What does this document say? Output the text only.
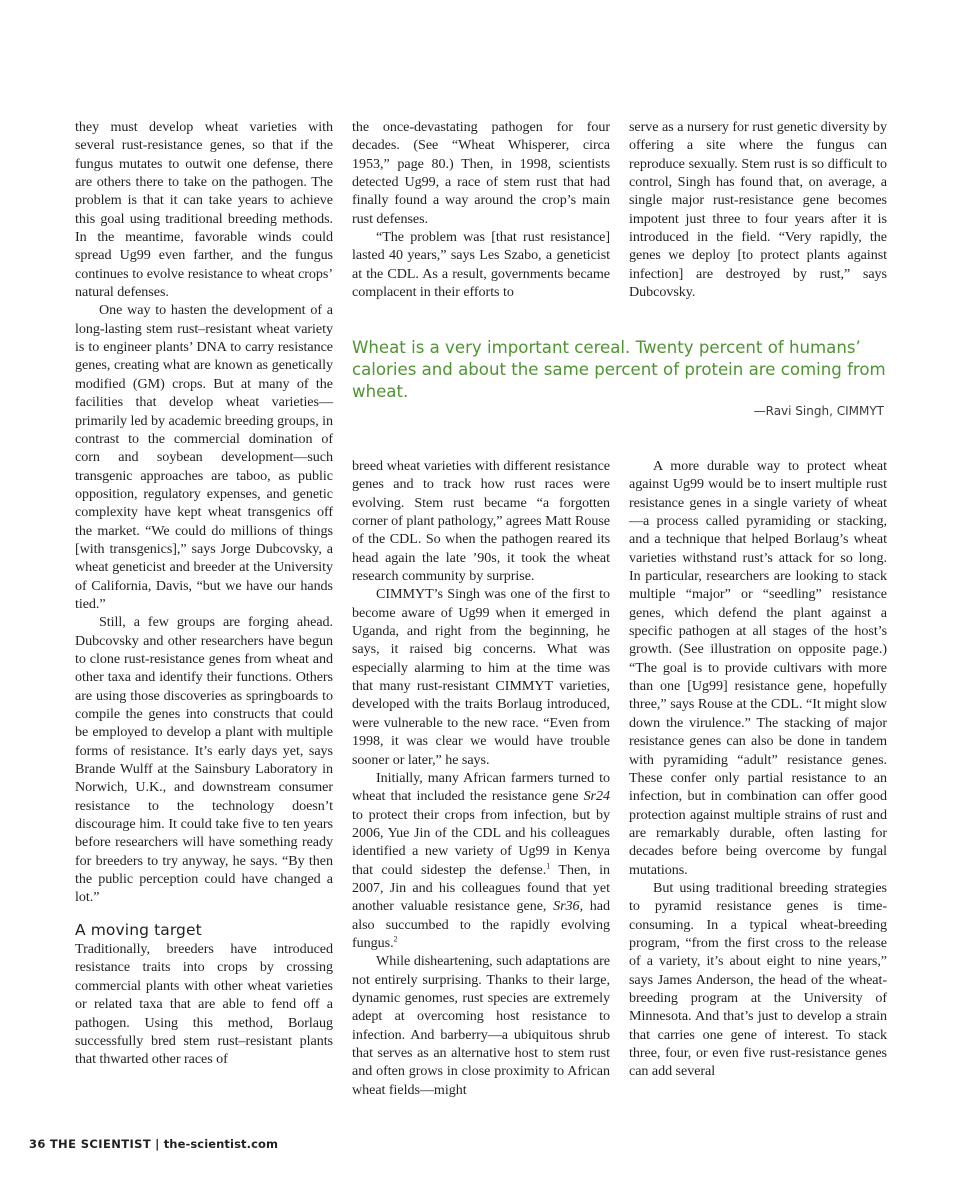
they must develop wheat varieties with several rust-resistance genes, so that if the fungus mutates to outwit one defense, there are others there to take on the pathogen. The problem is that it can take years to achieve this goal using traditional breeding methods. In the meantime, favorable winds could spread Ug99 even farther, and the fungus continues to evolve resistance to wheat crops’ natural defenses.

One way to hasten the development of a long-lasting stem rust–resistant wheat variety is to engineer plants’ DNA to carry resistance genes, creating what are known as genetically modified (GM) crops. But at many of the facilities that develop wheat varieties—primarily led by academic breeding groups, in contrast to the commercial domination of corn and soybean development—such transgenic approaches are taboo, as public opposition, regulatory expenses, and genetic complexity have kept wheat transgenics off the market. “We could do millions of things [with transgenics],” says Jorge Dubcovsky, a wheat geneticist and breeder at the University of California, Davis, “but we have our hands tied.”

Still, a few groups are forging ahead. Dubcovsky and other researchers have begun to clone rust-resistance genes from wheat and other taxa and identify their functions. Others are using those discoveries as springboards to compile the genes into constructs that could be employed to develop a plant with multiple forms of resistance. It’s early days yet, says Brande Wulff at the Sainsbury Laboratory in Norwich, U.K., and downstream consumer resistance to the technology doesn’t discourage him. It could take five to ten years before researchers will have something ready for breeders to try anyway, he says. “By then the public perception could have changed a lot.”

A moving target

Traditionally, breeders have introduced resistance traits into crops by crossing commercial plants with other wheat varieties or related taxa that are able to fend off a pathogen. Using this method, Borlaug successfully bred stem rust–resistant plants that thwarted other races of

the once-devastating pathogen for four decades. (See “Wheat Whisperer, circa 1953,” page 80.) Then, in 1998, scientists detected Ug99, a race of stem rust that had finally found a way around the crop’s main rust defenses.

“The problem was [that rust resistance] lasted 40 years,” says Les Szabo, a geneticist at the CDL. As a result, governments became complacent in their efforts to

serve as a nursery for rust genetic diversity by offering a site where the fungus can reproduce sexually. Stem rust is so difficult to control, Singh has found that, on average, a single major rust-resistance gene becomes impotent just three to four years after it is introduced in the field. “Very rapidly, the genes we deploy [to protect plants against infection] are destroyed by rust,” says Dubcovsky.

Wheat is a very important cereal. Twenty percent of humans’ calories and about the same percent of protein are coming from wheat.
—Ravi Singh, CIMMYT

breed wheat varieties with different resistance genes and to track how rust races were evolving. Stem rust became “a forgotten corner of plant pathology,” agrees Matt Rouse of the CDL. So when the pathogen reared its head again the late ’90s, it took the wheat research community by surprise.

CIMMYT’s Singh was one of the first to become aware of Ug99 when it emerged in Uganda, and right from the beginning, he says, it raised big concerns. What was especially alarming to him at the time was that many rust-resistant CIMMYT varieties, developed with the traits Borlaug introduced, were vulnerable to the new race. “Even from 1998, it was clear we would have trouble sooner or later,” he says.

Initially, many African farmers turned to wheat that included the resistance gene Sr24 to protect their crops from infection, but by 2006, Yue Jin of the CDL and his colleagues identified a new variety of Ug99 in Kenya that could sidestep the defense.$^1$ Then, in 2007, Jin and his colleagues found that yet another valuable resistance gene, Sr36, had also succumbed to the rapidly evolving fungus.$^2$

While disheartening, such adaptations are not entirely surprising. Thanks to their large, dynamic genomes, rust species are extremely adept at overcoming host resistance to infection. And barberry—a ubiquitous shrub that serves as an alternative host to stem rust and often grows in close proximity to African wheat fields—might

A more durable way to protect wheat against Ug99 would be to insert multiple rust resistance genes in a single variety of wheat—a process called pyramiding or stacking, and a technique that helped Borlaug’s wheat varieties withstand rust’s attack for so long. In particular, researchers are looking to stack multiple “major” or “seedling” resistance genes, which defend the plant against a specific pathogen at all stages of the host’s growth. (See illustration on opposite page.) “The goal is to provide cultivars with more than one [Ug99] resistance gene, hopefully three,” says Rouse at the CDL. “It might slow down the virulence.” The stacking of major resistance genes can also be done in tandem with pyramiding “adult” resistance genes. These confer only partial resistance to an infection, but in combination can offer good protection against multiple strains of rust and are remarkably durable, often lasting for decades before being overcome by fungal mutations.

But using traditional breeding strategies to pyramid resistance genes is time-consuming. In a typical wheat-breeding program, “from the first cross to the release of a variety, it’s about eight to nine years,” says James Anderson, the head of the wheat-breeding program at the University of Minnesota. And that’s just to develop a strain that carries one gene of interest. To stack three, four, or even five rust-resistance genes can add several

36 THE SCIENTIST | the-scientist.com
